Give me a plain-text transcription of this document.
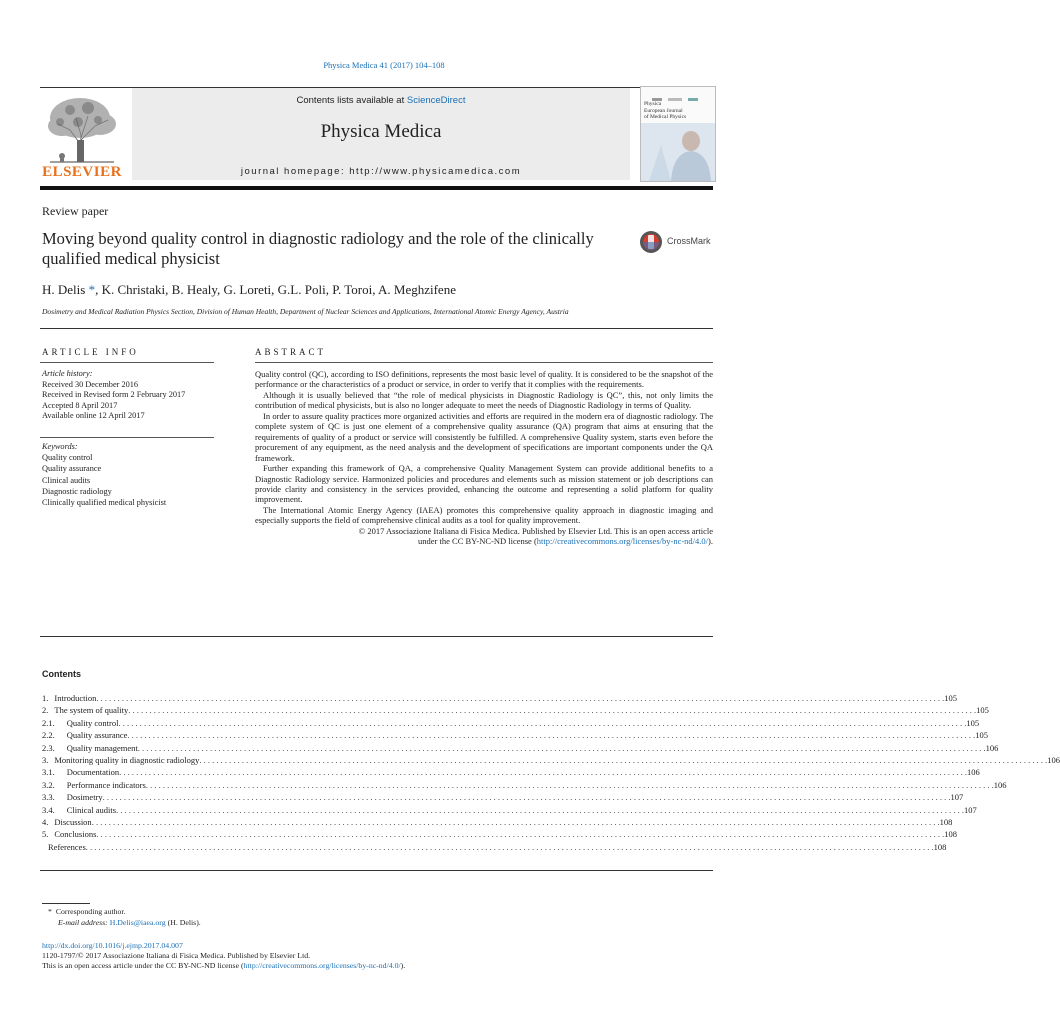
Physica Medica 41 (2017) 104–108
ELSEVIER
Contents lists available at ScienceDirect
Physica Medica
journal homepage: http://www.physicamedica.com
Physica
European Journal
of Medical Physics
Review paper
Moving beyond quality control in diagnostic radiology and the role of the clinically qualified medical physicist
CrossMark
H. Delis *, K. Christaki, B. Healy, G. Loreti, G.L. Poli, P. Toroi, A. Meghzifene
Dosimetry and Medical Radiation Physics Section, Division of Human Health, Department of Nuclear Sciences and Applications, International Atomic Energy Agency, Austria
ARTICLE INFO	ABSTRACT
Article history:
Received 30 December 2016
Received in Revised form 2 February 2017
Accepted 8 April 2017
Available online 12 April 2017
Keywords:
Quality control
Quality assurance
Clinical audits
Diagnostic radiology
Clinically qualified medical physicist

Quality control (QC), according to ISO definitions, represents the most basic level of quality. It is considered to be the snapshot of the performance or the characteristics of a product or service, in order to verify that it complies with the requirements.

Although it is usually believed that “the role of medical physicists in Diagnostic Radiology is QC”, this, not only limits the contribution of medical physicists, but is also no longer adequate to meet the needs of Diagnostic Radiology in terms of Quality.

In order to assure quality practices more organized activities and efforts are required in the modern era of diagnostic radiology. The complete system of QC is just one element of a comprehensive quality assurance (QA) program that aims at ensuring that the requirements of quality of a product or service will consistently be fulfilled. A comprehensive Quality system, starts even before the procurement of any equipment, as the need analysis and the development of specifications are important components under the QA framework.

Further expanding this framework of QA, a comprehensive Quality Management System can provide additional benefits to a Diagnostic Radiology service. Harmonized policies and procedures and elements such as mission statement or job descriptions can provide clarity and consistency in the services provided, enhancing the outcome and representing a solid platform for quality improvement.

The International Atomic Energy Agency (IAEA) promotes this comprehensive quality approach in diagnostic imaging and especially supports the field of comprehensive clinical audits as a tool for quality improvement.

© 2017 Associazione Italiana di Fisica Medica. Published by Elsevier Ltd. This is an open access article

under the CC BY-NC-ND license (http://creativecommons.org/licenses/by-nc-nd/4.0/).

Contents
1. Introduction . . . . . . . . . . . . . . . . . . . . . . . . . . . . . . . . . . . . . . . . . . . . . . . . . . . . . . . . . . . . . . . . . . . . . . . . . . . . . . . . . . . . . . . . . . . . . . . . . . . . . . . . . . . . . . . . . . . . . . . . . . . . . . . . . . . . . . . . . . . . . . . . . . . . . . . . . . . . . . . . . . . . . . . . . . . . . . . . . . . . . . . . . . . . . . . . . . . . . . . . 105
2. The system of quality . . . . . . . . . . . . . . . . . . . . . . . . . . . . . . . . . . . . . . . . . . . . . . . . . . . . . . . . . . . . . . . . . . . . . . . . . . . . . . . . . . . . . . . . . . . . . . . . . . . . . . . . . . . . . . . . . . . . . . . . . . . . . . . . . . . . . . . . . . . . . . . . . . . . . . . . . . . . . . . . . . . . . . . . . . . . . . . . . . . . . . . . . . . . . . . . . . . . . . . . 105
2.1.	Quality control . . . . . . . . . . . . . . . . . . . . . . . . . . . . . . . . . . . . . . . . . . . . . . . . . . . . . . . . . . . . . . . . . . . . . . . . . . . . . . . . . . . . . . . . . . . . . . . . . . . . . . . . . . . . . . . . . . . . . . . . . . . . . . . . . . . . . . . . . . . . . . . . . . . . . . . . . . . . . . . . . . . . . . . . . . . . . . . . . . . . . . . . . . . . . . . . . . . . . . . . 105
2.2.	Quality assurance . . . . . . . . . . . . . . . . . . . . . . . . . . . . . . . . . . . . . . . . . . . . . . . . . . . . . . . . . . . . . . . . . . . . . . . . . . . . . . . . . . . . . . . . . . . . . . . . . . . . . . . . . . . . . . . . . . . . . . . . . . . . . . . . . . . . . . . . . . . . . . . . . . . . . . . . . . . . . . . . . . . . . . . . . . . . . . . . . . . . . . . . . . . . . . . . . . . . . . . . 105
2.3.	Quality management . . . . . . . . . . . . . . . . . . . . . . . . . . . . . . . . . . . . . . . . . . . . . . . . . . . . . . . . . . . . . . . . . . . . . . . . . . . . . . . . . . . . . . . . . . . . . . . . . . . . . . . . . . . . . . . . . . . . . . . . . . . . . . . . . . . . . . . . . . . . . . . . . . . . . . . . . . . . . . . . . . . . . . . . . . . . . . . . . . . . . . . . . . . . . . . . . . . . . . . . 106
3. Monitoring quality in diagnostic radiology . . . . . . . . . . . . . . . . . . . . . . . . . . . . . . . . . . . . . . . . . . . . . . . . . . . . . . . . . . . . . . . . . . . . . . . . . . . . . . . . . . . . . . . . . . . . . . . . . . . . . . . . . . . . . . . . . . . . . . . . . . . . . . . . . . . . . . . . . . . . . . . . . . . . . . . . . . . . . . . . . . . . . . . . . . . . . . . . . . . . . . . . . . . . . . . . . . . . . . . . 106
3.1.	Documentation . . . . . . . . . . . . . . . . . . . . . . . . . . . . . . . . . . . . . . . . . . . . . . . . . . . . . . . . . . . . . . . . . . . . . . . . . . . . . . . . . . . . . . . . . . . . . . . . . . . . . . . . . . . . . . . . . . . . . . . . . . . . . . . . . . . . . . . . . . . . . . . . . . . . . . . . . . . . . . . . . . . . . . . . . . . . . . . . . . . . . . . . . . . . . . . . . . . . . . . . 106
3.2.	Performance indicators . . . . . . . . . . . . . . . . . . . . . . . . . . . . . . . . . . . . . . . . . . . . . . . . . . . . . . . . . . . . . . . . . . . . . . . . . . . . . . . . . . . . . . . . . . . . . . . . . . . . . . . . . . . . . . . . . . . . . . . . . . . . . . . . . . . . . . . . . . . . . . . . . . . . . . . . . . . . . . . . . . . . . . . . . . . . . . . . . . . . . . . . . . . . . . . . . . . . . . . . 106
3.3.	Dosimetry . . . . . . . . . . . . . . . . . . . . . . . . . . . . . . . . . . . . . . . . . . . . . . . . . . . . . . . . . . . . . . . . . . . . . . . . . . . . . . . . . . . . . . . . . . . . . . . . . . . . . . . . . . . . . . . . . . . . . . . . . . . . . . . . . . . . . . . . . . . . . . . . . . . . . . . . . . . . . . . . . . . . . . . . . . . . . . . . . . . . . . . . . . . . . . . . . . . . . . . . 107
3.4.	Clinical audits . . . . . . . . . . . . . . . . . . . . . . . . . . . . . . . . . . . . . . . . . . . . . . . . . . . . . . . . . . . . . . . . . . . . . . . . . . . . . . . . . . . . . . . . . . . . . . . . . . . . . . . . . . . . . . . . . . . . . . . . . . . . . . . . . . . . . . . . . . . . . . . . . . . . . . . . . . . . . . . . . . . . . . . . . . . . . . . . . . . . . . . . . . . . . . . . . . . . . . . . 107
4. Discussion . . . . . . . . . . . . . . . . . . . . . . . . . . . . . . . . . . . . . . . . . . . . . . . . . . . . . . . . . . . . . . . . . . . . . . . . . . . . . . . . . . . . . . . . . . . . . . . . . . . . . . . . . . . . . . . . . . . . . . . . . . . . . . . . . . . . . . . . . . . . . . . . . . . . . . . . . . . . . . . . . . . . . . . . . . . . . . . . . . . . . . . . . . . . . . . . . . . . . . . . 108
5. Conclusions . . . . . . . . . . . . . . . . . . . . . . . . . . . . . . . . . . . . . . . . . . . . . . . . . . . . . . . . . . . . . . . . . . . . . . . . . . . . . . . . . . . . . . . . . . . . . . . . . . . . . . . . . . . . . . . . . . . . . . . . . . . . . . . . . . . . . . . . . . . . . . . . . . . . . . . . . . . . . . . . . . . . . . . . . . . . . . . . . . . . . . . . . . . . . . . . . . . . . . . . 108
References . . . . . . . . . . . . . . . . . . . . . . . . . . . . . . . . . . . . . . . . . . . . . . . . . . . . . . . . . . . . . . . . . . . . . . . . . . . . . . . . . . . . . . . . . . . . . . . . . . . . . . . . . . . . . . . . . . . . . . . . . . . . . . . . . . . . . . . . . . . . . . . . . . . . . . . . . . . . . . . . . . . . . . . . . . . . . . . . . . . . . . . . . . . . . . . . . . . . . . . . 108
* Corresponding author.
E-mail address: H.Delis@iaea.org (H. Delis).
http://dx.doi.org/10.1016/j.ejmp.2017.04.007
1120-1797/© 2017 Associazione Italiana di Fisica Medica. Published by Elsevier Ltd.
This is an open access article under the CC BY-NC-ND license (http://creativecommons.org/licenses/by-nc-nd/4.0/).
